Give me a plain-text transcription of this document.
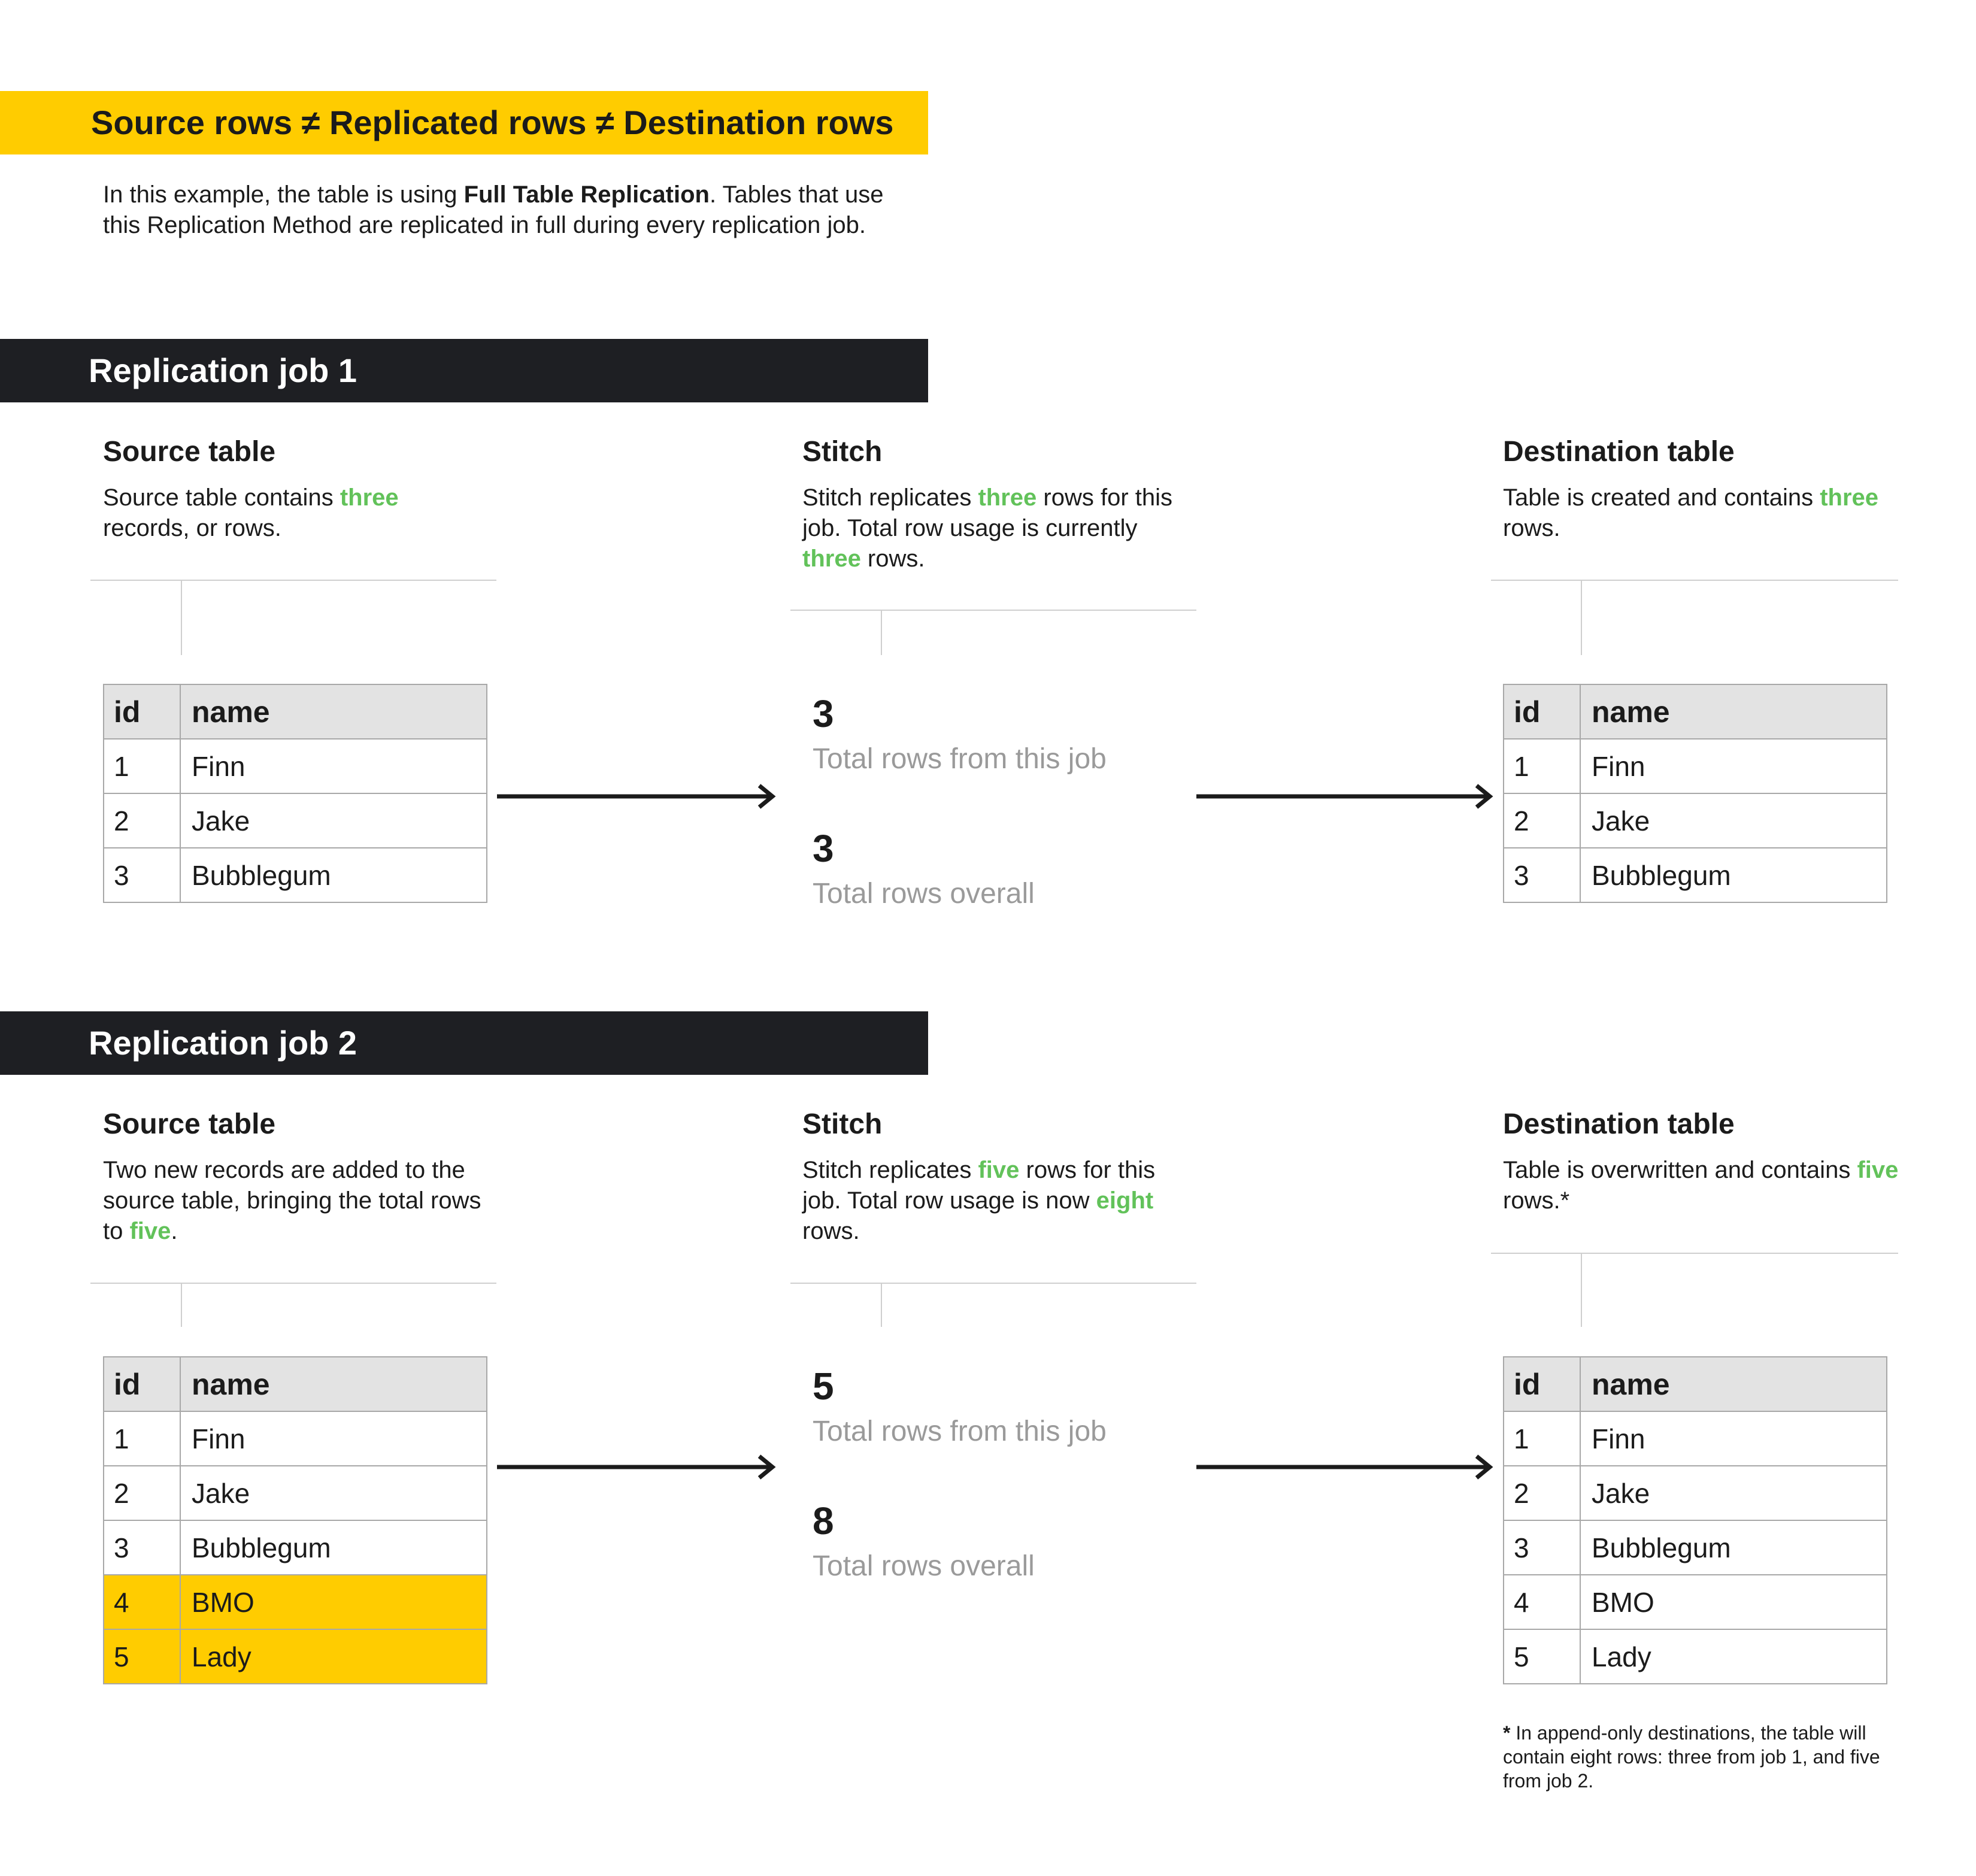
Source rows ≠ Replicated rows ≠ Destination rows
In this example, the table is using Full Table Replication. Tables that use this Replication Method are replicated in full during every replication job.
Replication job 1
Source table
Source table contains three records, or rows.
id	name
1	Finn
2	Jake
3	Bubblegum
Stitch
Stitch replicates three rows for this job. Total row usage is currently three rows.
3
Total rows from this job
3
Total rows overall
Destination table
Table is created and contains three rows.
id	name
1	Finn
2	Jake
3	Bubblegum
Replication job 2
Source table
Two new records are added to the source table, bringing the total rows to five.
id	name
1	Finn
2	Jake
3	Bubblegum
4	BMO
5	Lady
Stitch
Stitch replicates five rows for this job. Total row usage is now eight rows.
5
Total rows from this job
8
Total rows overall
Destination table
Table is overwritten and contains five rows.*
id	name
1	Finn
2	Jake
3	Bubblegum
4	BMO
5	Lady
* In append-only destinations, the table will contain eight rows: three from job 1, and five from job 2.
